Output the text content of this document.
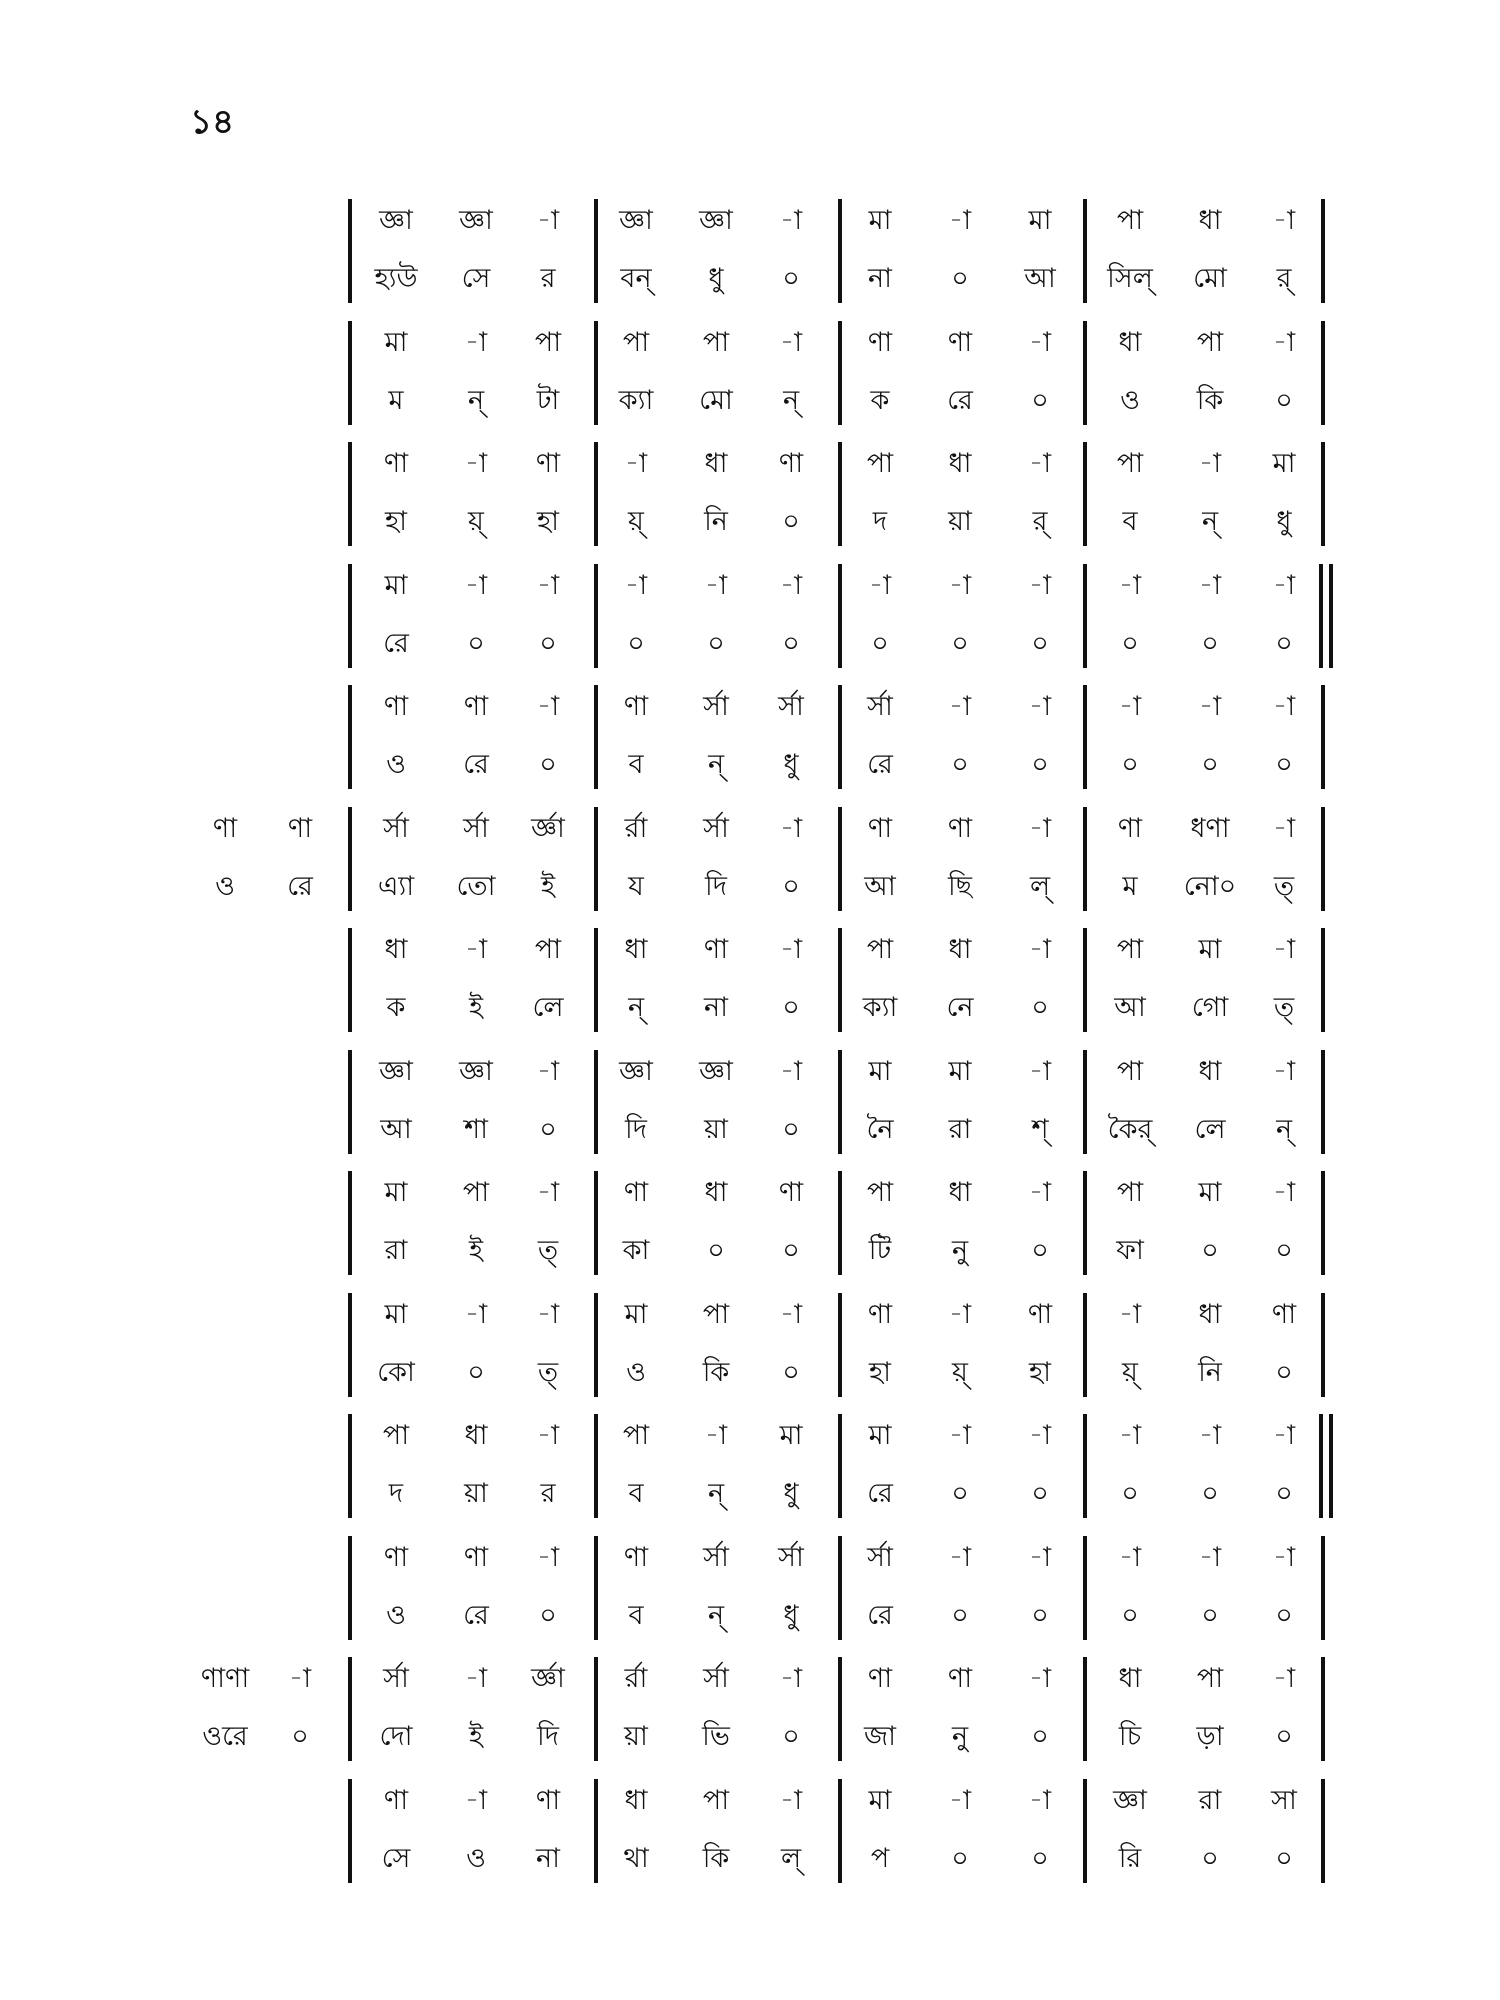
১৪
জ্ঞা	জ্ঞা	-া	জ্ঞা	জ্ঞা	-া	মা	-া	মা	পা	ধা	-া
হ্যউ	সে	র	বন্	ধু	০	না	০	আ	সিল্	মো	র্
মা	-া	পা	পা	পা	-া	ণা	ণা	-া	ধা	পা	-া
ম	ন্	টা	ক্যা	মো	ন্	ক	রে	০	ও	কি	০
ণা	-া	ণা	-া	ধা	ণা	পা	ধা	-া	পা	-া	মা
হা	য়্	হা	য়্	নি	০	দ	য়া	র্	ব	ন্	ধু
মা	-া	-া	-া	-া	-া	-া	-া	-া	-া	-া	-া
রে	০	০	০	০	০	০	০	০	০	০	০
ণা	ণা	-া	ণা	র্সা	র্সা	র্সা	-া	-া	-া	-া	-া
ও	রে	০	ব	ন্	ধু	রে	০	০	০	০	০
ণা	ণা	র্সা	র্সা	র্জ্ঞা	র্রা	র্সা	-া	ণা	ণা	-া	ণা	ধণা	-া
ও	রে	এ্যা	তো	ই	য	দি	০	আ	ছি	ল্	ম	নো০	ত্
ধা	-া	পা	ধা	ণা	-া	পা	ধা	-া	পা	মা	-া
ক	ই	লে	ন্	না	০	ক্যা	নে	০	আ	গো	ত্
জ্ঞা	জ্ঞা	-া	জ্ঞা	জ্ঞা	-া	মা	মা	-া	পা	ধা	-া
আ	শা	০	দি	য়া	০	নৈ	রা	শ্	কৈর্	লে	ন্
মা	পা	-া	ণা	ধা	ণা	পা	ধা	-া	পা	মা	-া
রা	ই	ত্	কা	০	০	টি	নু	০	ফা	০	০
মা	-া	-া	মা	পা	-া	ণা	-া	ণা	-া	ধা	ণা
কো	০	ত্	ও	কি	০	হা	য়্	হা	য়্	নি	০
পা	ধা	-া	পা	-া	মা	মা	-া	-া	-া	-া	-া
দ	য়া	র	ব	ন্	ধু	রে	০	০	০	০	০
ণা	ণা	-া	ণা	র্সা	র্সা	র্সা	-া	-া	-া	-া	-া
ও	রে	০	ব	ন্	ধু	রে	০	০	০	০	০
ণাণা	-া	র্সা	-া	র্জ্ঞা	র্রা	র্সা	-া	ণা	ণা	-া	ধা	পা	-া
ওরে	০	দো	ই	দি	য়া	ভি	০	জা	নু	০	চি	ড়া	০
ণা	-া	ণা	ধা	পা	-া	মা	-া	-া	জ্ঞা	রা	সা
সে	ও	না	থা	কি	ল্	প	০	০	রি	০	০
